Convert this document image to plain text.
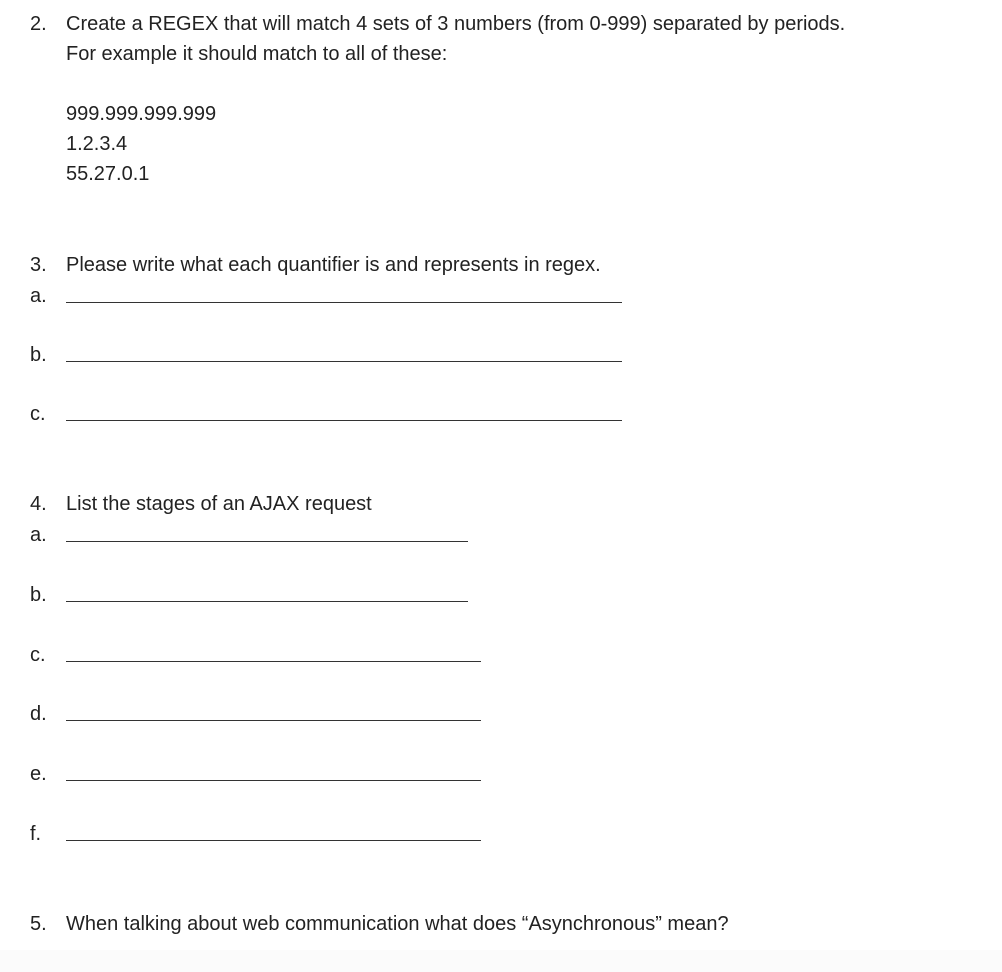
2. Create a REGEX that will match 4 sets of 3 numbers (from 0-999) separated by periods.

For example it should match to all of these:

999.999.999.999
1.2.3.4
55.27.0.1
3. Please write what each quantifier is and represents in regex.
a.
b.
c.
4. List the stages of an AJAX request
a.
b.
c.
d.
e.
f.
5. When talking about web communication what does “Asynchronous” mean?
